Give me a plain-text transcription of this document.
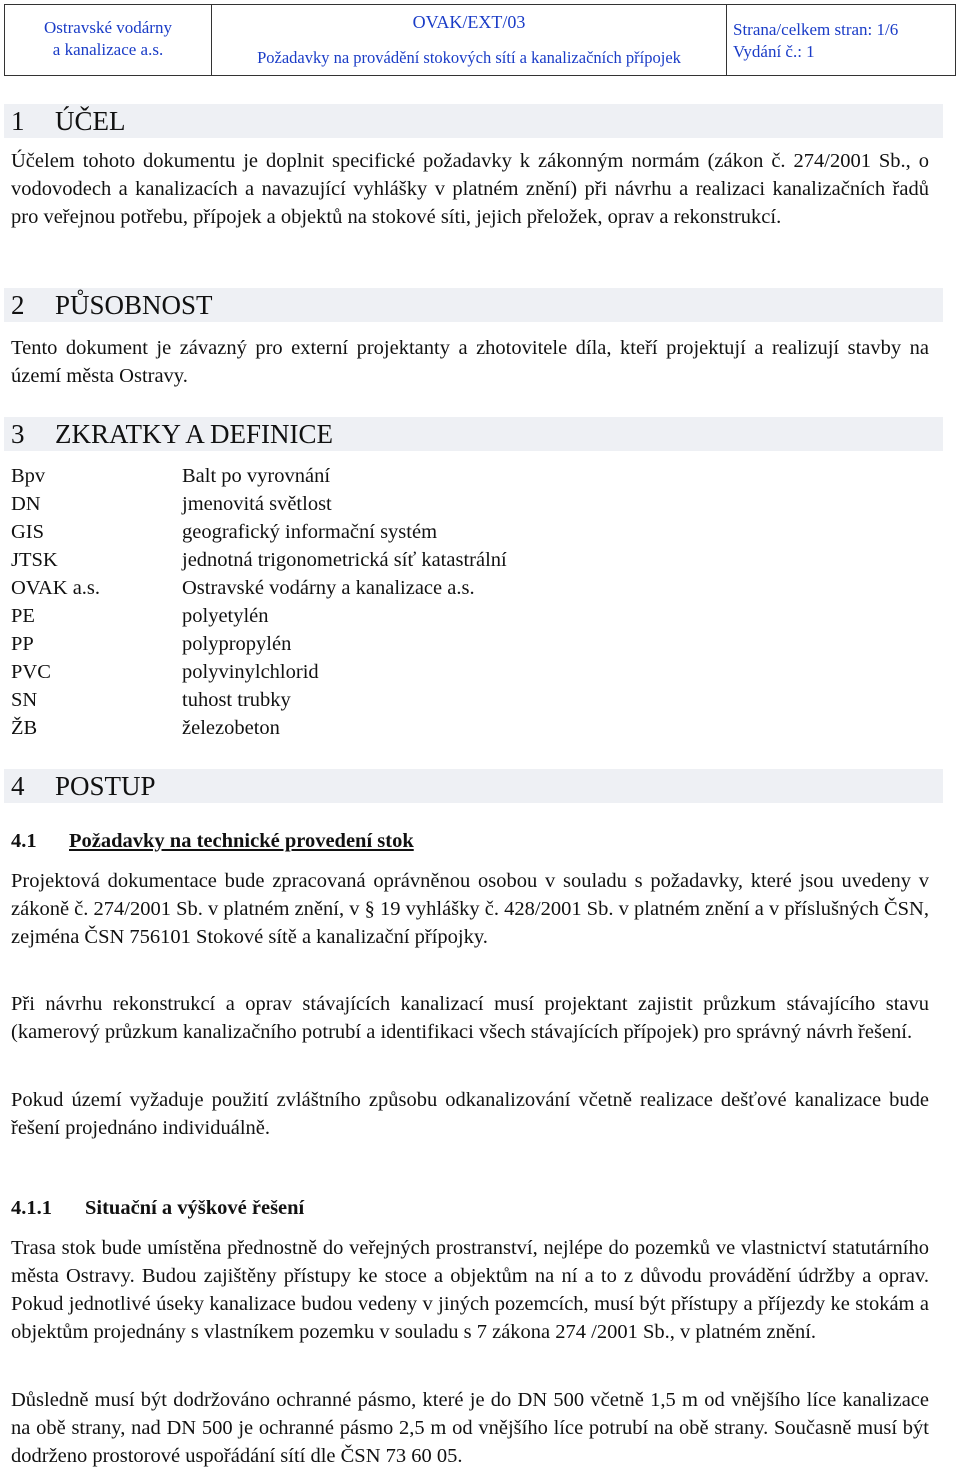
Ostravské vodárny
a kanalizace a.s.
OVAK/EXT/03
Požadavky na provádění stokových sítí a kanalizačních přípojek
Strana/celkem stran: 1/6
Vydání č.: 1
1 ÚČEL

Účelem tohoto dokumentu je doplnit specifické požadavky k zákonným normám (zákon č. 274/2001 Sb., o vodovodech a kanalizacích a navazující vyhlášky v platném znění) při návrhu a realizaci kanalizačních řadů pro veřejnou potřebu, přípojek a objektů na stokové síti, jejich přeložek, oprav a rekonstrukcí.

2 PŮSOBNOST

Tento dokument je závazný pro externí projektanty a zhotovitele díla, kteří projektují a realizují stavby na území města Ostravy.

3 ZKRATKY A DEFINICE
Bpv	Balt po vyrovnání
DN	jmenovitá světlost
GIS	geografický informační systém
JTSK	jednotná trigonometrická síť katastrální
OVAK a.s.	Ostravské vodárny a kanalizace a.s.
PE	polyetylén
PP	polypropylén
PVC	polyvinylchlorid
SN	tuhost trubky
ŽB	železobeton
4 POSTUP
4.1 Požadavky na technické provedení stok

Projektová dokumentace bude zpracovaná oprávněnou osobou v souladu s požadavky, které jsou uvedeny v zákoně č. 274/2001 Sb. v platném znění, v § 19 vyhlášky č. 428/2001 Sb. v platném znění a v příslušných ČSN, zejména ČSN 756101 Stokové sítě a kanalizační přípojky.

Při návrhu rekonstrukcí a oprav stávajících kanalizací musí projektant zajistit průzkum stávajícího stavu (kamerový průzkum kanalizačního potrubí a identifikaci všech stávajících přípojek) pro správný návrh řešení.

Pokud území vyžaduje použití zvláštního způsobu odkanalizování včetně realizace dešťové kanalizace bude řešení projednáno individuálně.

4.1.1 Situační a výškové řešení

Trasa stok bude umístěna přednostně do veřejných prostranství, nejlépe do pozemků ve vlastnictví statutárního města Ostravy. Budou zajištěny přístupy ke stoce a objektům na ní a to z důvodu provádění údržby a oprav. Pokud jednotlivé úseky kanalizace budou vedeny v jiných pozemcích, musí být přístupy a příjezdy ke stokám a objektům projednány s vlastníkem pozemku v souladu s 7 zákona 274 /2001 Sb., v platném znění.

Důsledně musí být dodržováno ochranné pásmo, které je do DN 500 včetně 1,5 m od vnějšího líce kanalizace na obě strany, nad DN 500 je ochranné pásmo 2,5 m od vnějšího líce potrubí na obě strany. Současně musí být dodrženo prostorové uspořádání sítí dle ČSN 73 60 05.
